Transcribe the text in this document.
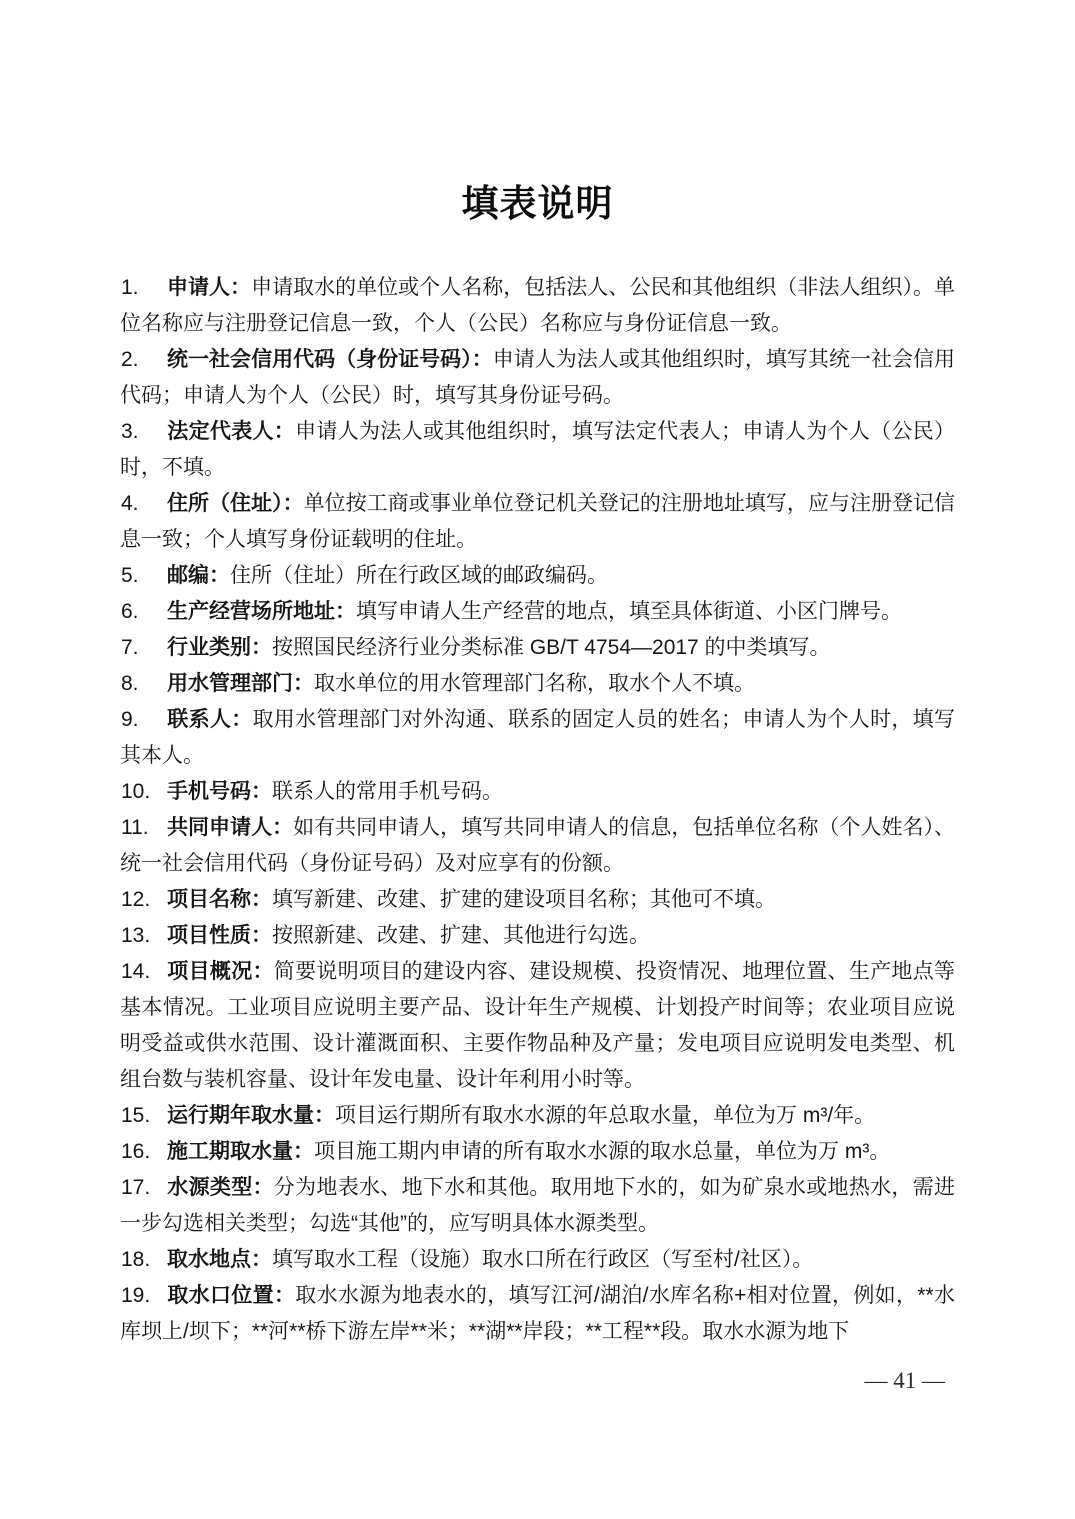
填表说明

1. 申请人：申请取水的单位或个人名称，包括法人、公民和其他组织（非法人组织）。单位名称应与注册登记信息一致，个人（公民）名称应与身份证信息一致。

2. 统一社会信用代码（身份证号码）：申请人为法人或其他组织时，填写其统一社会信用代码；申请人为个人（公民）时，填写其身份证号码。

3. 法定代表人：申请人为法人或其他组织时，填写法定代表人；申请人为个人（公民）时，不填。

4. 住所（住址）：单位按工商或事业单位登记机关登记的注册地址填写，应与注册登记信息一致；个人填写身份证载明的住址。

5. 邮编：住所（住址）所在行政区域的邮政编码。

6. 生产经营场所地址：填写申请人生产经营的地点，填至具体街道、小区门牌号。

7. 行业类别：按照国民经济行业分类标准 GB/T 4754—2017 的中类填写。

8. 用水管理部门：取水单位的用水管理部门名称，取水个人不填。

9. 联系人：取用水管理部门对外沟通、联系的固定人员的姓名；申请人为个人时，填写其本人。

10. 手机号码：联系人的常用手机号码。

11. 共同申请人：如有共同申请人，填写共同申请人的信息，包括单位名称（个人姓名）、统一社会信用代码（身份证号码）及对应享有的份额。

12. 项目名称：填写新建、改建、扩建的建设项目名称；其他可不填。

13. 项目性质：按照新建、改建、扩建、其他进行勾选。

14. 项目概况：简要说明项目的建设内容、建设规模、投资情况、地理位置、生产地点等基本情况。工业项目应说明主要产品、设计年生产规模、计划投产时间等；农业项目应说明受益或供水范围、设计灌溉面积、主要作物品种及产量；发电项目应说明发电类型、机组台数与装机容量、设计年发电量、设计年利用小时等。

15. 运行期年取水量：项目运行期所有取水水源的年总取水量，单位为万 m³/年。

16. 施工期取水量：项目施工期内申请的所有取水水源的取水总量，单位为万 m³。

17. 水源类型：分为地表水、地下水和其他。取用地下水的，如为矿泉水或地热水，需进一步勾选相关类型；勾选“其他”的，应写明具体水源类型。

18. 取水地点：填写取水工程（设施）取水口所在行政区（写至村/社区）。

19. 取水口位置：取水水源为地表水的，填写江河/湖泊/水库名称+相对位置，例如，**水库坝上/坝下；**河**桥下游左岸**米；**湖**岸段；**工程**段。取水水源为地下

— 41 —
